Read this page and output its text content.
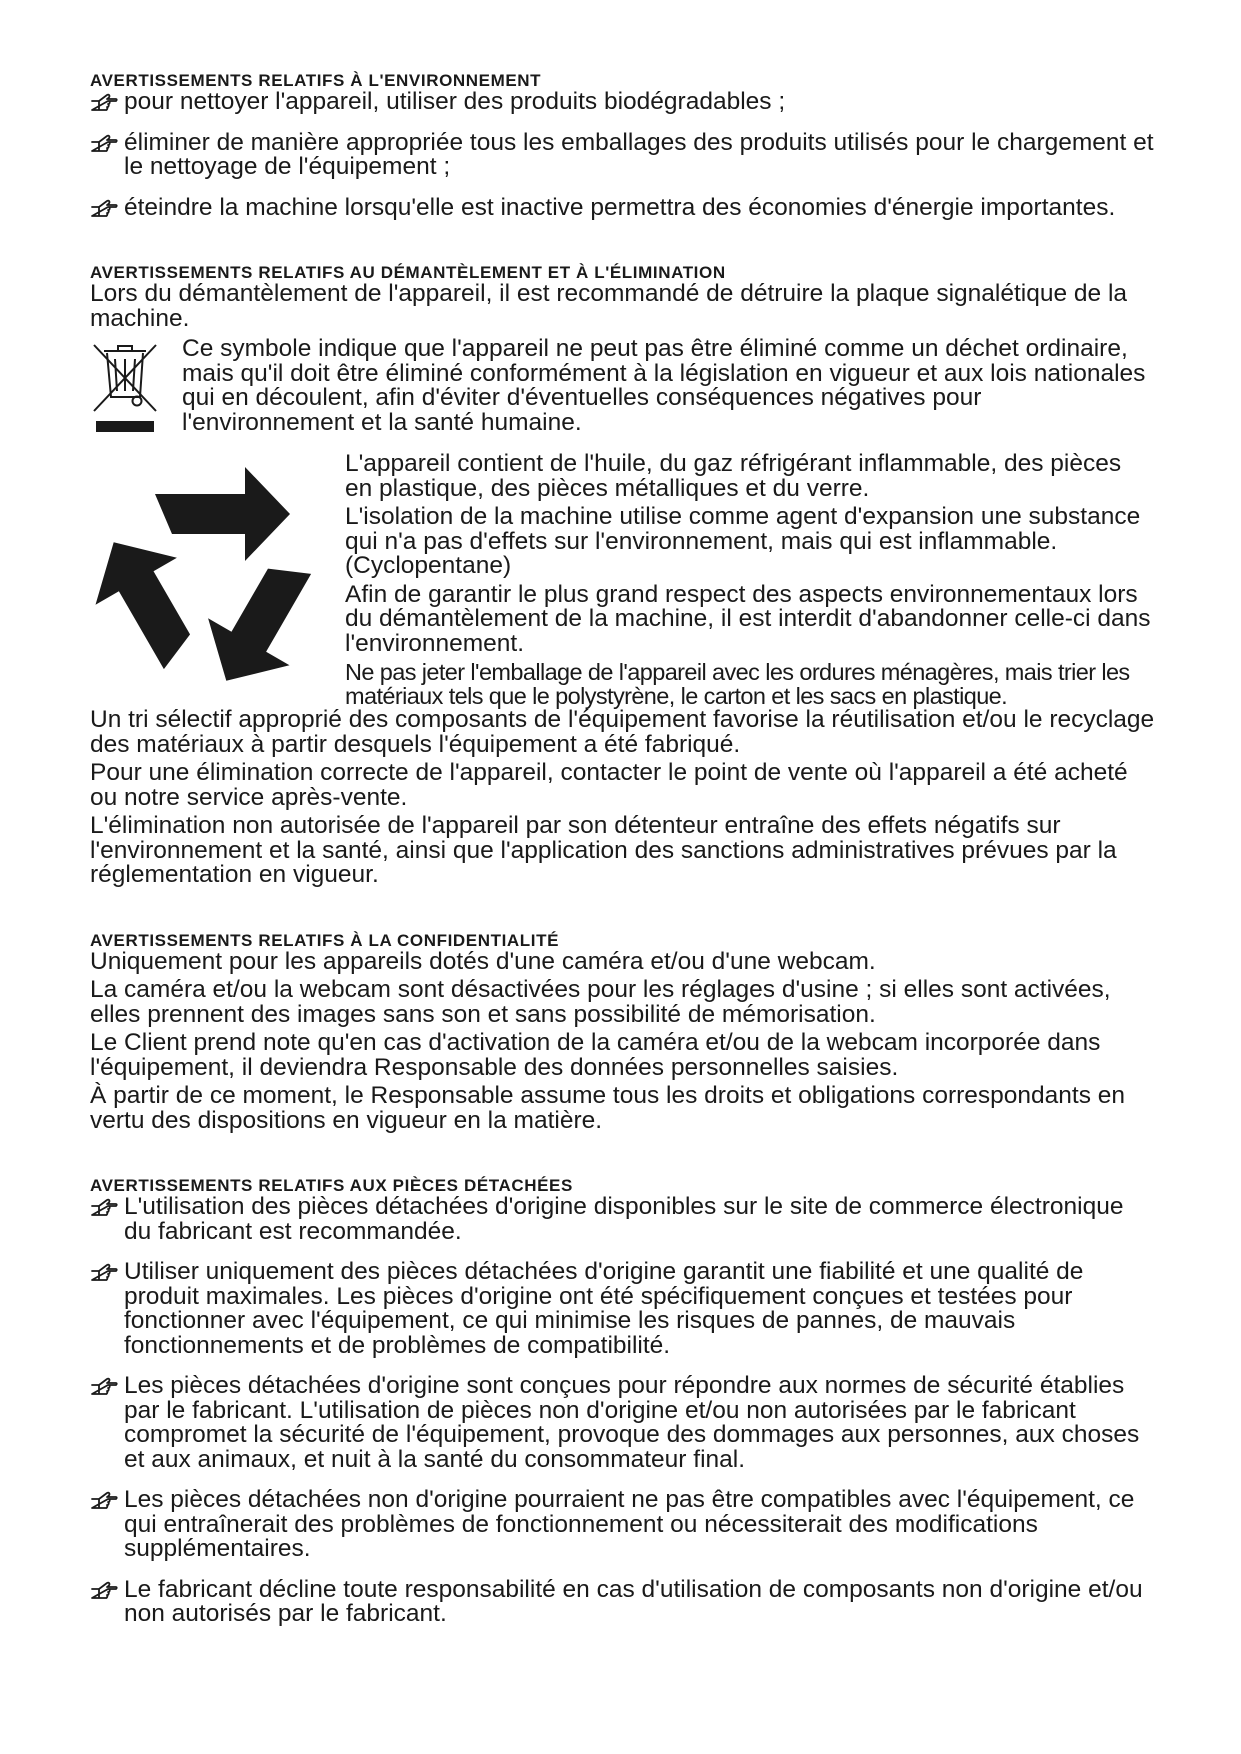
AVERTISSEMENTS RELATIFS À L'ENVIRONNEMENT
pour nettoyer l'appareil, utiliser des produits biodégradables ;
éliminer de manière appropriée tous les emballages des produits utilisés pour le chargement et le nettoyage de l'équipement ;
éteindre la machine lorsqu'elle est inactive permettra des économies d'énergie importantes.
AVERTISSEMENTS RELATIFS AU DÉMANTÈLEMENT ET À L'ÉLIMINATION

Lors du démantèlement de l'appareil, il est recommandé de détruire la plaque signalétique de la machine.

Ce symbole indique que l'appareil ne peut pas être éliminé comme un déchet ordinaire, mais qu'il doit être éliminé conformément à la législation en vigueur et aux lois nationales qui en découlent, afin d'éviter d'éventuelles conséquences négatives pour l'environnement et la santé humaine.

L'appareil contient de l'huile, du gaz réfrigérant inflammable, des pièces en plastique, des pièces métalliques et du verre.

L'isolation de la machine utilise comme agent d'expansion une substance qui n'a pas d'effets sur l'environnement, mais qui est inflammable. (Cyclopentane)

Afin de garantir le plus grand respect des aspects environnementaux lors du démantèlement de la machine, il est interdit d'abandonner celle-ci dans l'environnement.

Ne pas jeter l'emballage de l'appareil avec les ordures ménagères, mais trier les matériaux tels que le polystyrène, le carton et les sacs en plastique.

Un tri sélectif approprié des composants de l'équipement favorise la réutilisation et/ou le recyclage des matériaux à partir desquels l'équipement a été fabriqué.

Pour une élimination correcte de l'appareil, contacter le point de vente où l'appareil a été acheté ou notre service après-vente.

L'élimination non autorisée de l'appareil par son détenteur entraîne des effets négatifs sur l'environnement et la santé, ainsi que l'application des sanctions administratives prévues par la réglementation en vigueur.

AVERTISSEMENTS RELATIFS À LA CONFIDENTIALITÉ

Uniquement pour les appareils dotés d'une caméra et/ou d'une webcam.

La caméra et/ou la webcam sont désactivées pour les réglages d'usine ; si elles sont activées, elles prennent des images sans son et sans possibilité de mémorisation.

Le Client prend note qu'en cas d'activation de la caméra et/ou de la webcam incorporée dans l'équipement, il deviendra Responsable des données personnelles saisies.

À partir de ce moment, le Responsable assume tous les droits et obligations correspondants en vertu des dispositions en vigueur en la matière.

AVERTISSEMENTS RELATIFS AUX PIÈCES DÉTACHÉES
L'utilisation des pièces détachées d'origine disponibles sur le site de commerce électronique du fabricant est recommandée.
Utiliser uniquement des pièces détachées d'origine garantit une fiabilité et une qualité de produit maximales. Les pièces d'origine ont été spécifiquement conçues et testées pour fonctionner avec l'équipement, ce qui minimise les risques de pannes, de mauvais fonctionnements et de problèmes de compatibilité.
Les pièces détachées d'origine sont conçues pour répondre aux normes de sécurité établies par le fabricant. L'utilisation de pièces non d'origine et/ou non autorisées par le fabricant compromet la sécurité de l'équipement, provoque des dommages aux personnes, aux choses et aux animaux, et nuit à la santé du consommateur final.
Les pièces détachées non d'origine pourraient ne pas être compatibles avec l'équipement, ce qui entraînerait des problèmes de fonctionnement ou nécessiterait des modifications supplémentaires.
Le fabricant décline toute responsabilité en cas d'utilisation de composants non d'origine et/ou non autorisés par le fabricant.
